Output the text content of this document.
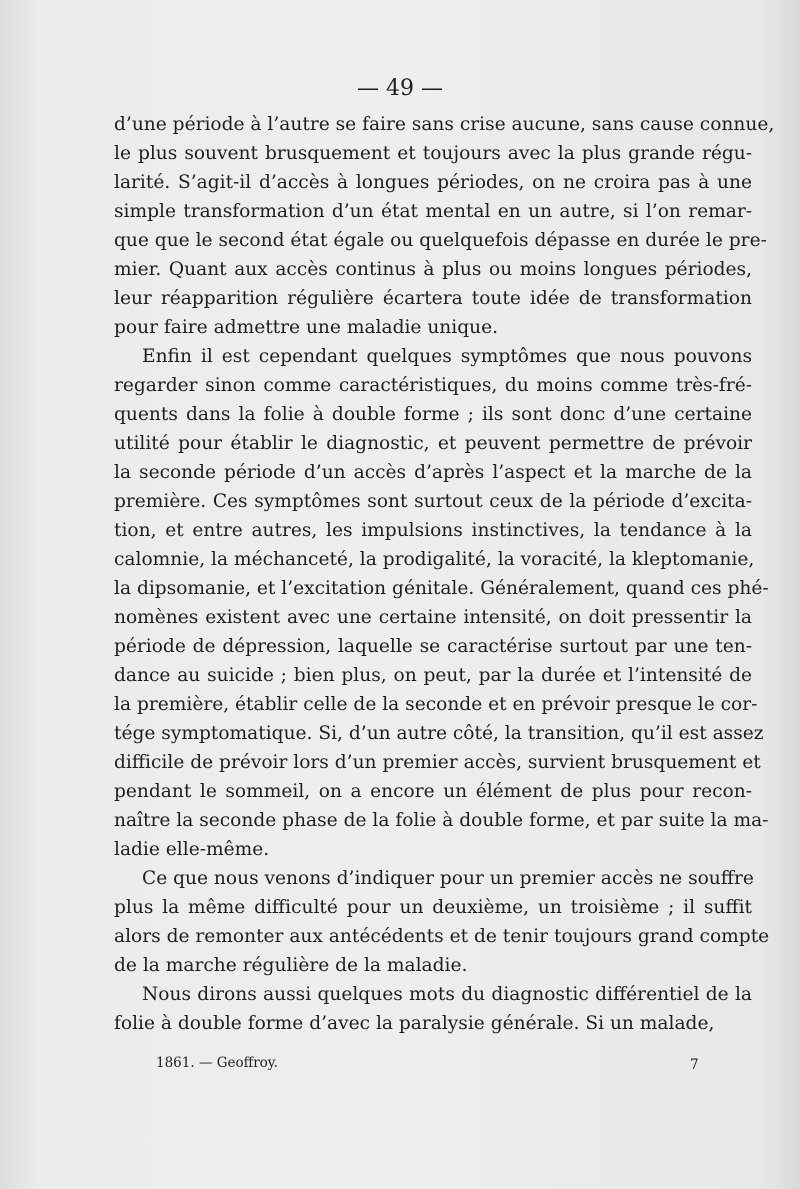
— 49 —
d’une période à l’autre se faire sans crise aucune, sans cause connue,
le plus souvent brusquement et toujours avec la plus grande régu-
larité. S’agit-il d’accès à longues périodes, on ne croira pas à une
simple transformation d’un état mental en un autre, si l’on remar-
que que le second état égale ou quelquefois dépasse en durée le pre-
mier. Quant aux accès continus à plus ou moins longues périodes,
leur réapparition régulière écartera toute idée de transformation
pour faire admettre une maladie unique.
Enfin il est cependant quelques symptômes que nous pouvons
regarder sinon comme caractéristiques, du moins comme très-fré-
quents dans la folie à double forme ; ils sont donc d’une certaine
utilité pour établir le diagnostic, et peuvent permettre de prévoir
la seconde période d’un accès d’après l’aspect et la marche de la
première. Ces symptômes sont surtout ceux de la période d’excita-
tion, et entre autres, les impulsions instinctives, la tendance à la
calomnie, la méchanceté, la prodigalité, la voracité, la kleptomanie,
la dipsomanie, et l’excitation génitale. Généralement, quand ces phé-
nomènes existent avec une certaine intensité, on doit pressentir la
période de dépression, laquelle se caractérise surtout par une ten-
dance au suicide ; bien plus, on peut, par la durée et l’intensité de
la première, établir celle de la seconde et en prévoir presque le cor-
tége symptomatique. Si, d’un autre côté, la transition, qu’il est assez
difficile de prévoir lors d’un premier accès, survient brusquement et
pendant le sommeil, on a encore un élément de plus pour recon-
naître la seconde phase de la folie à double forme, et par suite la ma-
ladie elle-même.
Ce que nous venons d’indiquer pour un premier accès ne souffre
plus la même difficulté pour un deuxième, un troisième ; il suffit
alors de remonter aux antécédents et de tenir toujours grand compte
de la marche régulière de la maladie.
Nous dirons aussi quelques mots du diagnostic différentiel de la
folie à double forme d’avec la paralysie générale. Si un malade,
1861. — Geoffroy.	7
